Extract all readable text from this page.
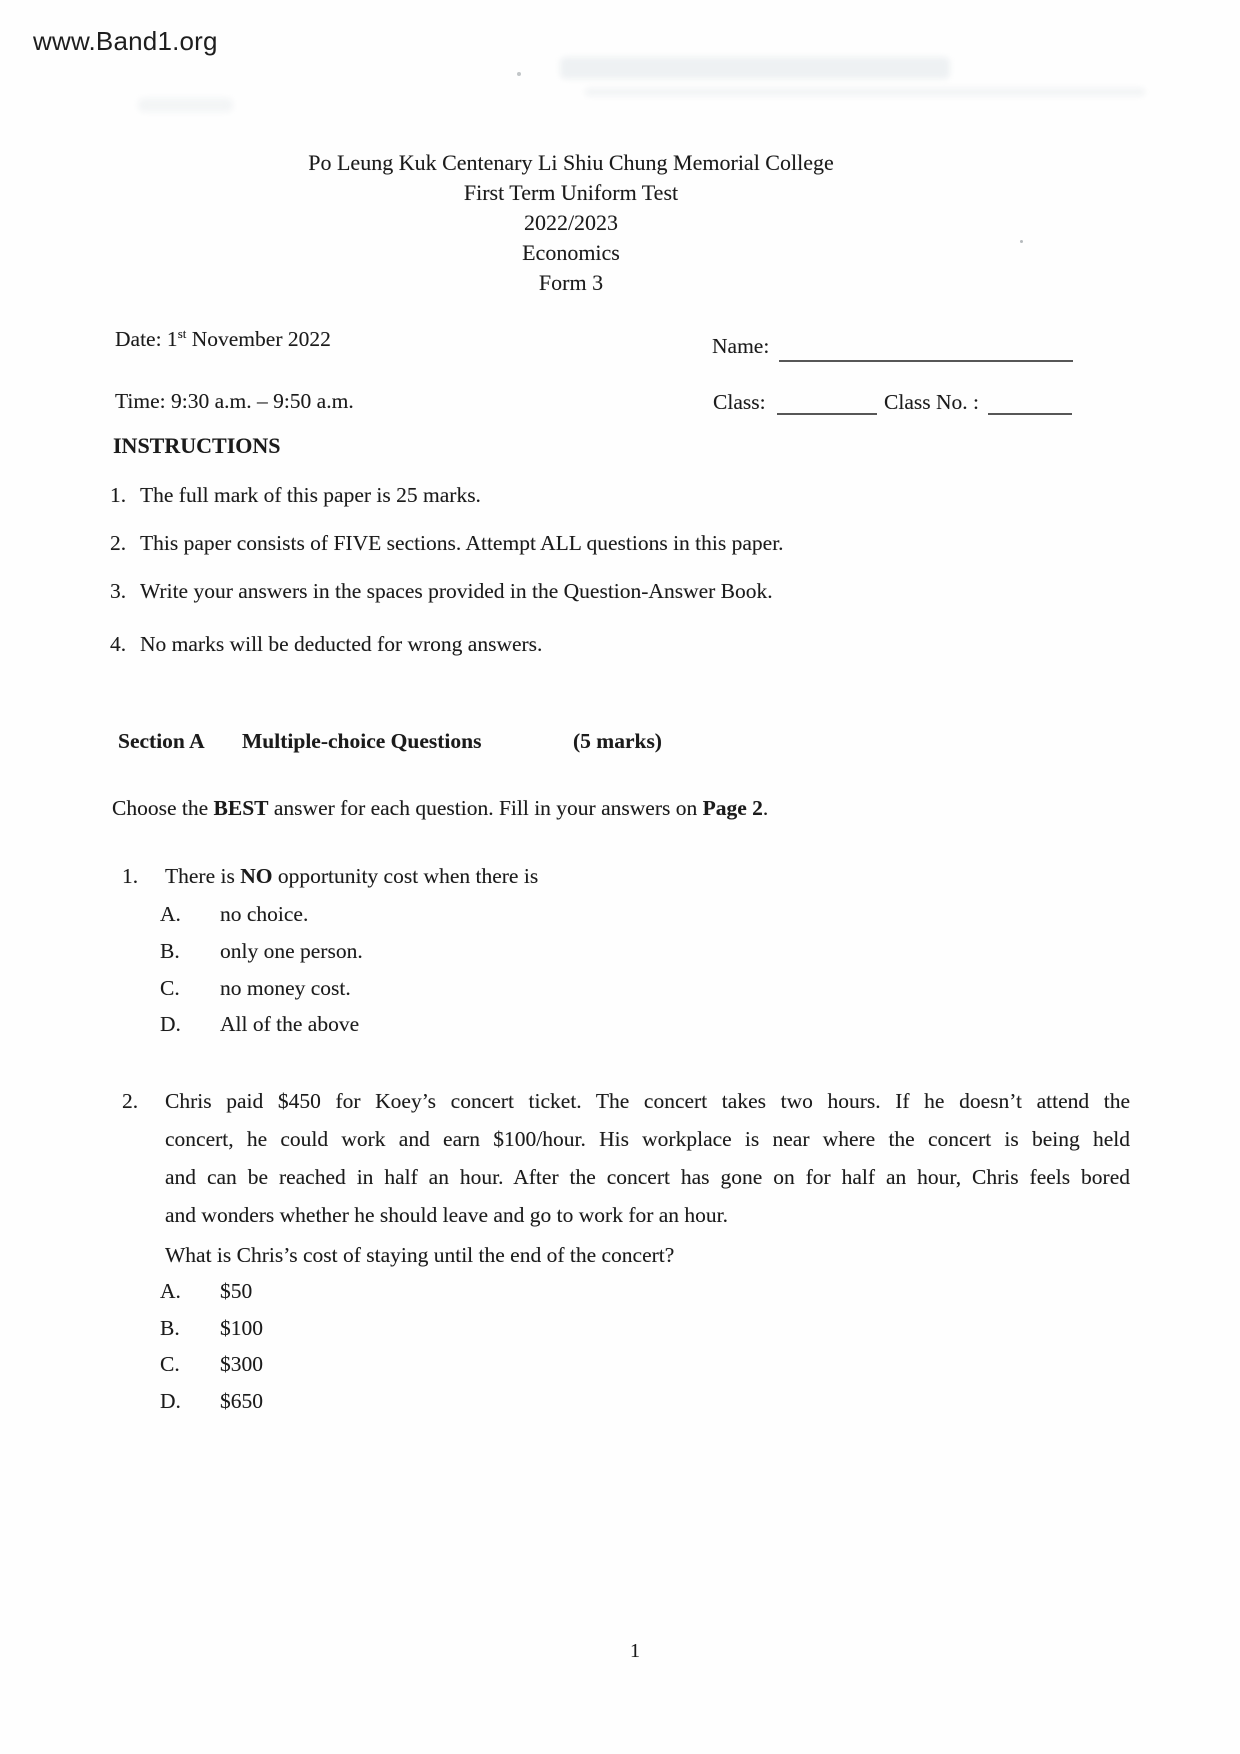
www.Band1.org
Po Leung Kuk Centenary Li Shiu Chung Memorial College
First Term Uniform Test
2022/2023
Economics
Form 3
Date: 1st November 2022	Name:
Time: 9:30 a.m. – 9:50 a.m.	Class:	Class No. :
INSTRUCTIONS
1. The full mark of this paper is 25 marks.
2. This paper consists of FIVE sections. Attempt ALL questions in this paper.
3. Write your answers in the spaces provided in the Question-Answer Book.
4. No marks will be deducted for wrong answers.
Section A Multiple-choice Questions	(5 marks)
Choose the BEST answer for each question. Fill in your answers on Page 2.
1. There is NO opportunity cost when there is
A. no choice.
B. only one person.
C. no money cost.
D. All of the above
2. Chris paid $450 for Koey’s concert ticket. The concert takes two hours. If he doesn’t attend the
concert, he could work and earn $100/hour. His workplace is near where the concert is being held
and can be reached in half an hour. After the concert has gone on for half an hour, Chris feels bored
and wonders whether he should leave and go to work for an hour.
What is Chris’s cost of staying until the end of the concert?
A. $50
B. $100
C. $300
D. $650
1
